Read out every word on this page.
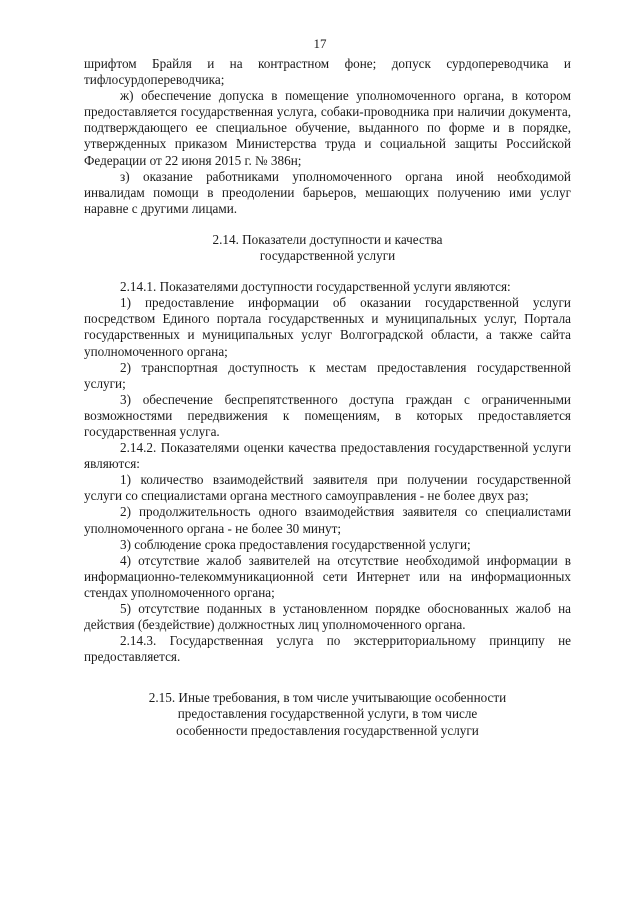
17

шрифтом Брайля и на контрастном фоне; допуск сурдопереводчика и тифлосурдопереводчика;

ж) обеспечение допуска в помещение уполномоченного органа, в котором предоставляется государственная услуга, собаки-проводника при наличии документа, подтверждающего ее специальное обучение, выданного по форме и в порядке, утвержденных приказом Министерства труда и социальной защиты Российской Федерации от 22 июня 2015 г. № 386н;

з) оказание работниками уполномоченного органа иной необходимой инвалидам помощи в преодолении барьеров, мешающих получению ими услуг наравне с другими лицами.

2.14. Показатели доступности и качества

государственной услуги

2.14.1. Показателями доступности государственной услуги являются:

1) предоставление информации об оказании государственной услуги посредством Единого портала государственных и муниципальных услуг, Портала государственных и муниципальных услуг Волгоградской области, а также сайта уполномоченного органа;

2) транспортная доступность к местам предоставления государственной услуги;

3) обеспечение беспрепятственного доступа граждан с ограниченными возможностями передвижения к помещениям, в которых предоставляется государственная услуга.

2.14.2. Показателями оценки качества предоставления государственной услуги являются:

1) количество взаимодействий заявителя при получении государственной услуги со специалистами органа местного самоуправления - не более двух раз;

2) продолжительность одного взаимодействия заявителя со специалистами уполномоченного органа - не более 30 минут;

3) соблюдение срока предоставления государственной услуги;

4) отсутствие жалоб заявителей на отсутствие необходимой информации в информационно-телекоммуникационной сети Интернет или на информационных стендах уполномоченного органа;

5) отсутствие поданных в установленном порядке обоснованных жалоб на действия (бездействие) должностных лиц уполномоченного органа.

2.14.3. Государственная услуга по экстерриториальному принципу не предоставляется.

2.15. Иные требования, в том числе учитывающие особенности

предоставления государственной услуги, в том числе

особенности предоставления государственной услуги
